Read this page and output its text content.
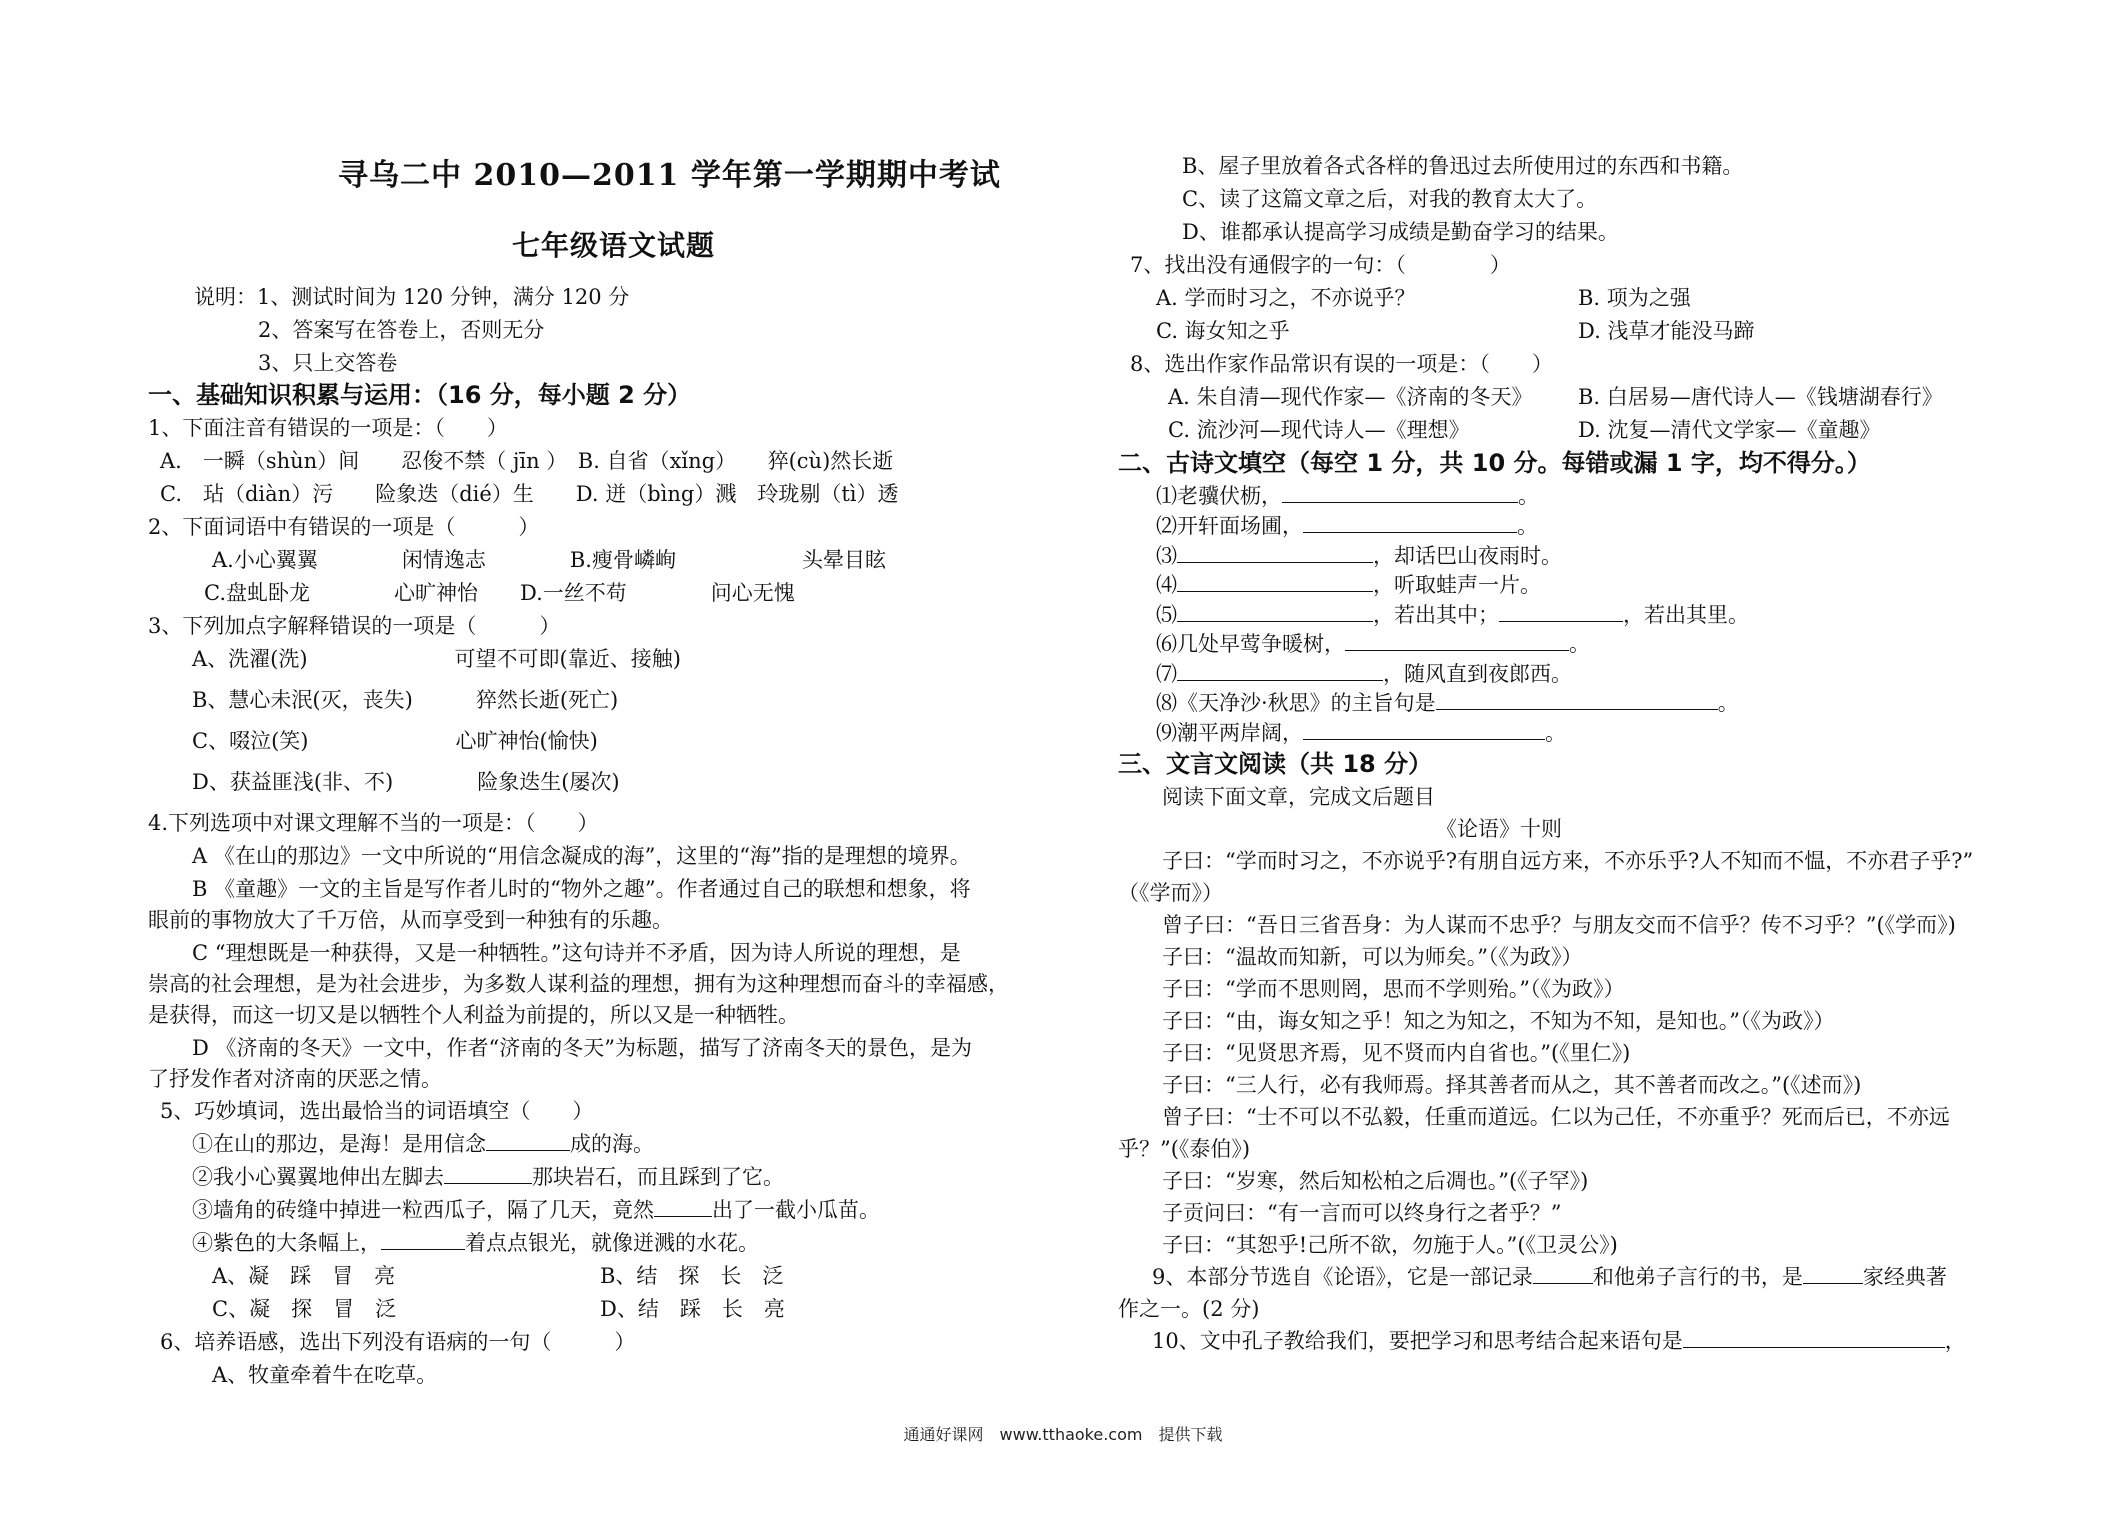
寻乌二中 2010—2011 学年第一学期期中考试
七年级语文试题
说明：1、测试时间为 120 分钟，满分 120 分
2、答案写在答卷上，否则无分
3、只上交答卷
一、基础知识积累与运用：（16 分，每小题 2 分）
1、下面注音有错误的一项是：（　　）
A.　一瞬（shùn）间　　忍俊不禁（ jīn ）　B. 自省（xǐng）　　猝(cù)然长逝
C.　玷（diàn）污　　险象迭（dié）生　　D. 迸（bìng）溅　玲珑剔（tì）透
2、下面词语中有错误的一项是（　　　）
A.小心翼翼　　　　闲情逸志　　　　B.瘦骨嶙峋　　　　　　头晕目眩
C.盘虬卧龙　　　　心旷神怡　　D.一丝不苟　　　　问心无愧
3、下列加点字解释错误的一项是（　　　）
A、洗濯(洗)　　　　　　　可望不可即(靠近、接触)
B、慧心未泯(灭，丧失)　　　猝然长逝(死亡)
C、啜泣(笑)　　　　　　　心旷神怡(愉快)
D、获益匪浅(非、不)　　　　险象迭生(屡次)
4.下列选项中对课文理解不当的一项是：（　　）
A 《在山的那边》一文中所说的“用信念凝成的海”，这里的“海”指的是理想的境界。
B 《童趣》一文的主旨是写作者儿时的“物外之趣”。作者通过自己的联想和想象，将
眼前的事物放大了千万倍，从而享受到一种独有的乐趣。
C “理想既是一种获得，又是一种牺牲。”这句诗并不矛盾，因为诗人所说的理想，是
崇高的社会理想，是为社会进步，为多数人谋利益的理想，拥有为这种理想而奋斗的幸福感，
是获得，而这一切又是以牺牲个人利益为前提的，所以又是一种牺牲。
D 《济南的冬天》一文中，作者“济南的冬天”为标题，描写了济南冬天的景色，是为
了抒发作者对济南的厌恶之情。
5、巧妙填词，选出最恰当的词语填空（　　）
①在山的那边，是海！是用信念	成的海。
②我小心翼翼地伸出左脚去	那块岩石，而且踩到了它。
③墙角的砖缝中掉进一粒西瓜子，隔了几天，竟然	出了一截小瓜苗。
④紫色的大条幅上，	着点点银光，就像迸溅的水花。
A、凝　踩　冒　亮	B、结　探　长　泛
C、凝　探　冒　泛	D、结　踩　长　亮
6、培养语感，选出下列没有语病的一句（　　　）
A、牧童牵着牛在吃草。
B、屋子里放着各式各样的鲁迅过去所使用过的东西和书籍。
C、读了这篇文章之后，对我的教育太大了。
D、谁都承认提高学习成绩是勤奋学习的结果。
7、找出没有通假字的一句：（　　　　）
A. 学而时习之，不亦说乎？	B. 项为之强
C. 诲女知之乎	D. 浅草才能没马蹄
8、选出作家作品常识有误的一项是：（　　）
A. 朱自清—现代作家—《济南的冬天》 B. 白居易—唐代诗人—《钱塘湖春行》
C. 流沙河—现代诗人—《理想》	D. 沈复—清代文学家—《童趣》
二、古诗文填空（每空 1 分，共 10 分。每错或漏 1 字，均不得分。）
⑴老骥伏枥，	。
⑵开轩面场圃，	。
⑶	，却话巴山夜雨时。
⑷	，听取蛙声一片。
⑸	，若出其中；	，若出其里。
⑹几处早莺争暖树，	。
⑺	，随风直到夜郎西。
⑻《天净沙·秋思》的主旨句是	。
⑼潮平两岸阔，	。
三、文言文阅读（共 18 分）
阅读下面文章，完成文后题目
《论语》十则
子曰：“学而时习之，不亦说乎?有朋自远方来，不亦乐乎?人不知而不愠，不亦君子乎?”
（《学而》）
曾子曰：“吾日三省吾身：为人谋而不忠乎？与朋友交而不信乎？传不习乎？”(《学而》)
子曰：“温故而知新，可以为师矣。”（《为政》）
子曰：“学而不思则罔，思而不学则殆。”（《为政》）
子曰：“由，诲女知之乎！知之为知之，不知为不知，是知也。”（《为政》）
子曰：“见贤思齐焉，见不贤而内自省也。”(《里仁》)
子曰：“三人行，必有我师焉。择其善者而从之，其不善者而改之。”(《述而》)
曾子曰：“士不可以不弘毅，任重而道远。仁以为己任，不亦重乎？死而后已，不亦远
乎？”(《泰伯》)
子曰：“岁寒，然后知松柏之后凋也。”(《子罕》)
子贡问曰：“有一言而可以终身行之者乎？”
子曰：“其恕乎!己所不欲，勿施于人。”(《卫灵公》)
9、本部分节选自《论语》，它是一部记录	和他弟子言行的书，是	家经典著
作之一。(2 分)
10、文中孔子教给我们，要把学习和思考结合起来语句是	，
通通好课网　www.tthaoke.com　提供下载
